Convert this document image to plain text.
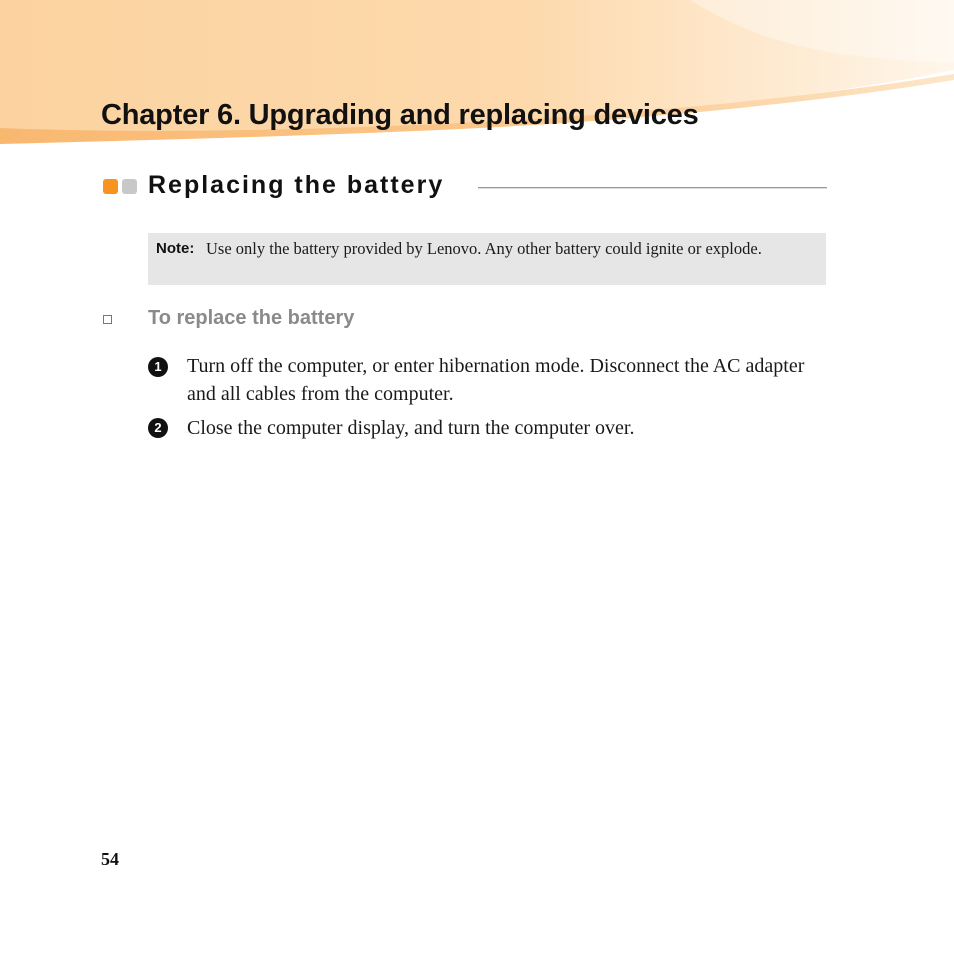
Chapter 6. Upgrading and replacing devices
Replacing the battery
Note: Use only the battery provided by Lenovo. Any other battery could ignite or explode.
To replace the battery
1	Turn off the computer, or enter hibernation mode. Disconnect the AC adapter and all cables from the computer.

2	Close the computer display, and turn the computer over.

54
